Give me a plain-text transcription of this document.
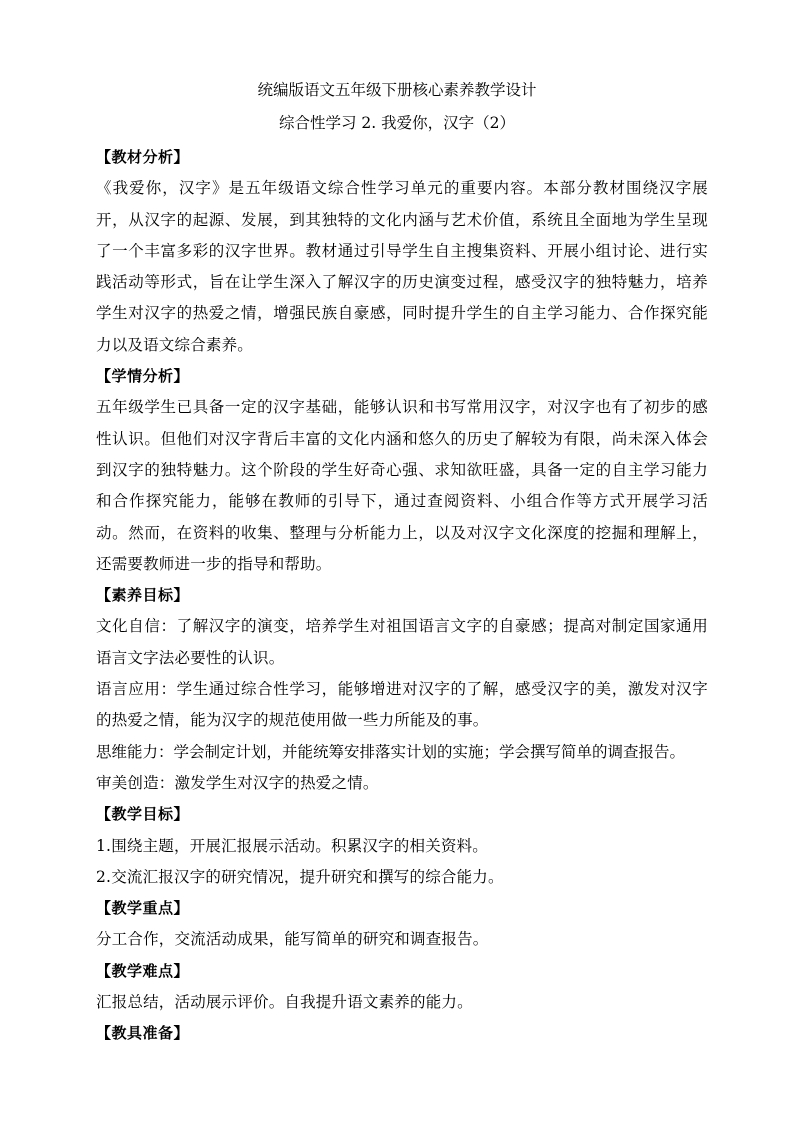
统编版语文五年级下册核心素养教学设计
综合性学习 2. 我爱你，汉字（2）
【教材分析】

《我爱你，汉字》是五年级语文综合性学习单元的重要内容。本部分教材围绕汉字展开，从汉字的起源、发展，到其独特的文化内涵与艺术价值，系统且全面地为学生呈现了一个丰富多彩的汉字世界。教材通过引导学生自主搜集资料、开展小组讨论、进行实践活动等形式，旨在让学生深入了解汉字的历史演变过程，感受汉字的独特魅力，培养学生对汉字的热爱之情，增强民族自豪感，同时提升学生的自主学习能力、合作探究能力以及语文综合素养。

【学情分析】

五年级学生已具备一定的汉字基础，能够认识和书写常用汉字，对汉字也有了初步的感性认识。但他们对汉字背后丰富的文化内涵和悠久的历史了解较为有限，尚未深入体会到汉字的独特魅力。这个阶段的学生好奇心强、求知欲旺盛，具备一定的自主学习能力和合作探究能力，能够在教师的引导下，通过查阅资料、小组合作等方式开展学习活动。然而，在资料的收集、整理与分析能力上，以及对汉字文化深度的挖掘和理解上，还需要教师进一步的指导和帮助。

【素养目标】

文化自信：了解汉字的演变，培养学生对祖国语言文字的自豪感；提高对制定国家通用语言文字法必要性的认识。

语言应用：学生通过综合性学习，能够增进对汉字的了解，感受汉字的美，激发对汉字的热爱之情，能为汉字的规范使用做一些力所能及的事。

思维能力：学会制定计划，并能统筹安排落实计划的实施；学会撰写简单的调查报告。

审美创造：激发学生对汉字的热爱之情。

【教学目标】

1.围绕主题，开展汇报展示活动。积累汉字的相关资料。

2.交流汇报汉字的研究情况，提升研究和撰写的综合能力。

【教学重点】

分工合作，交流活动成果，能写简单的研究和调查报告。

【教学难点】

汇报总结，活动展示评价。自我提升语文素养的能力。

【教具准备】
